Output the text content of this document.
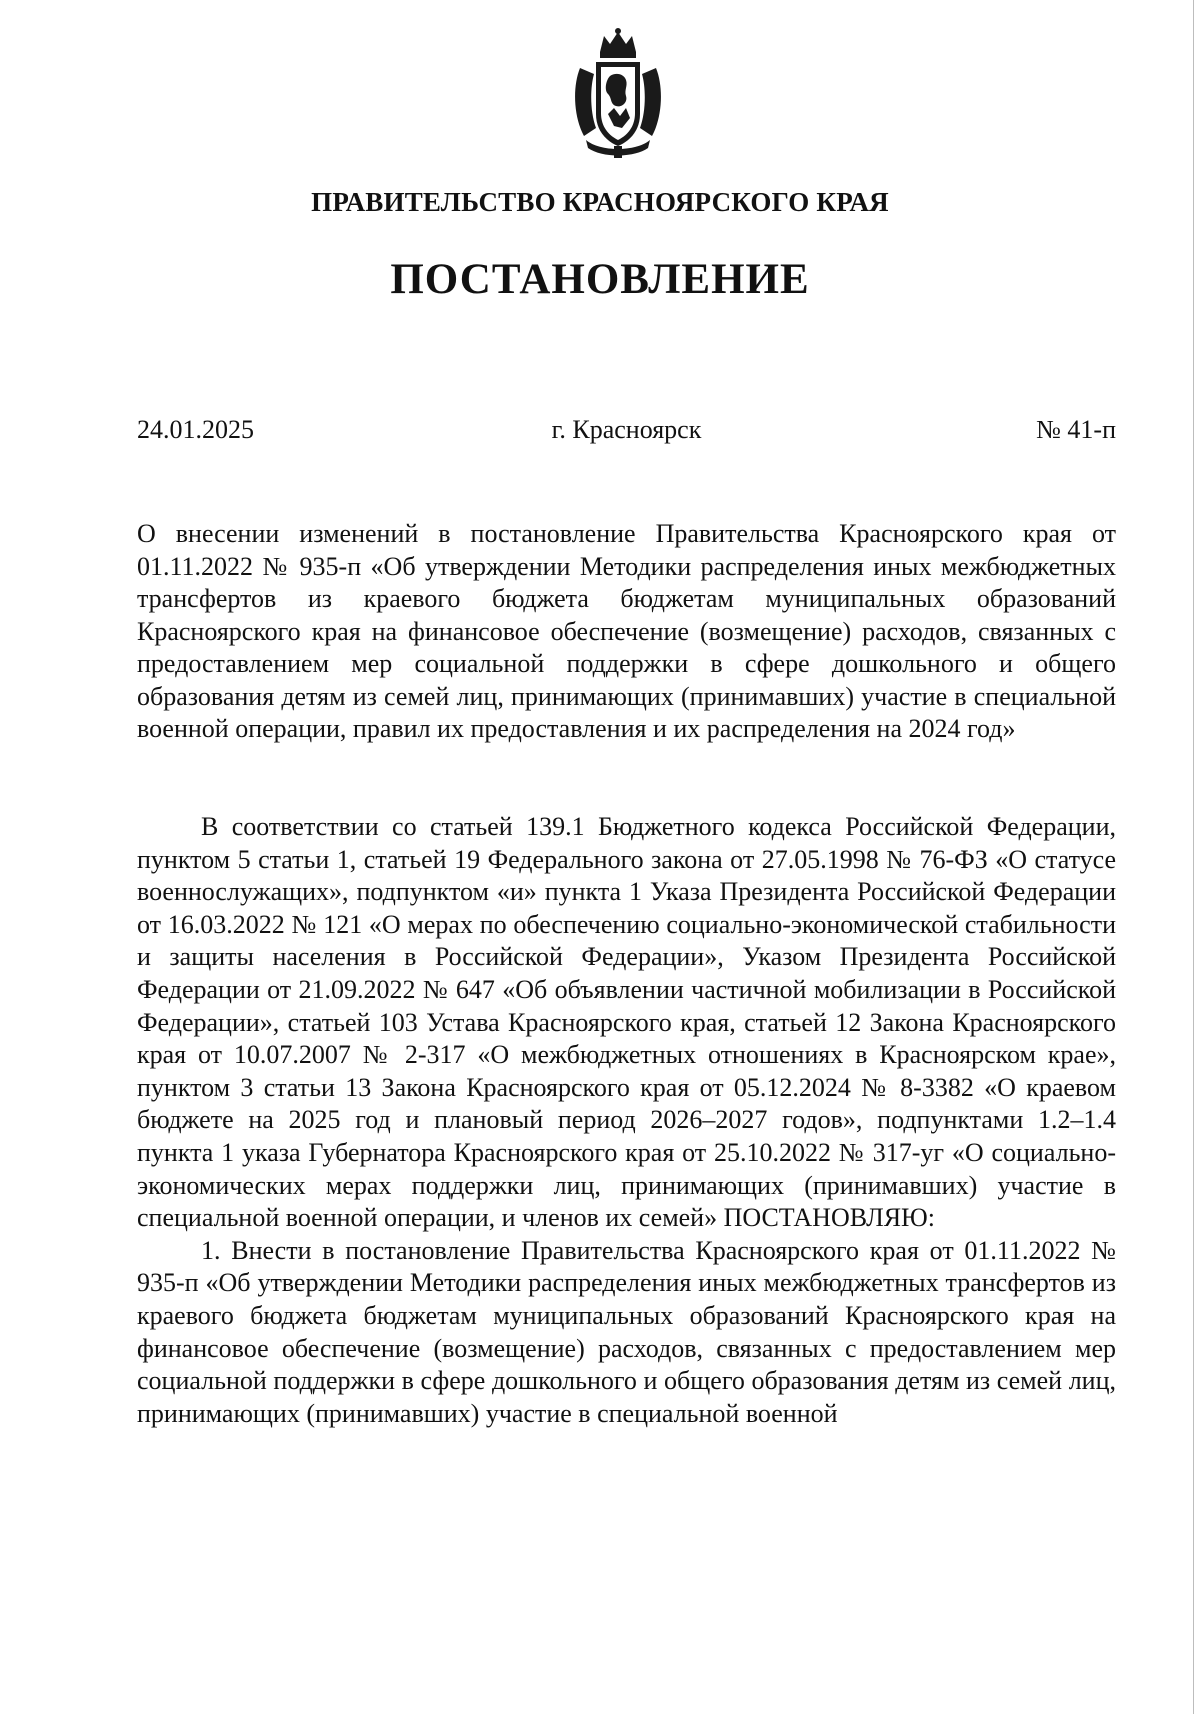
ПРАВИТЕЛЬСТВО КРАСНОЯРСКОГО КРАЯ
ПОСТАНОВЛЕНИЕ
24.01.2025	г. Красноярск	№ 41-п
О внесении изменений в постановление Правительства Красноярского края от 01.11.2022 № 935-п «Об утверждении Методики распределения иных межбюджетных трансфертов из краевого бюджета бюджетам муниципальных образований Красноярского края на финансовое обеспечение (возмещение) расходов, связанных с предоставлением мер социальной поддержки в сфере дошкольного и общего образования детям из семей лиц, принимающих (принимавших) участие в специальной военной операции, правил их предоставления и их распределения на 2024 год»

В соответствии со статьей 139.1 Бюджетного кодекса Российской Федерации, пунктом 5 статьи 1, статьей 19 Федерального закона от 27.05.1998 № 76-ФЗ «О статусе военнослужащих», подпунктом «и» пункта 1 Указа Президента Российской Федерации от 16.03.2022 № 121 «О мерах по обеспечению социально-экономической стабильности и защиты населения в Российской Федерации», Указом Президента Российской Федерации от 21.09.2022 № 647 «Об объявлении частичной мобилизации в Российской Федерации», статьей 103 Устава Красноярского края, статьей 12 Закона Красноярского края от 10.07.2007 № 2-317 «О межбюджетных отношениях в Красноярском крае», пунктом 3 статьи 13 Закона Красноярского края от 05.12.2024 № 8-3382 «О краевом бюджете на 2025 год и плановый период 2026–2027 годов», подпунктами 1.2–1.4 пункта 1 указа Губернатора Красноярского края от 25.10.2022 № 317-уг «О социально-экономических мерах поддержки лиц, принимающих (принимавших) участие в специальной военной операции, и членов их семей» ПОСТАНОВЛЯЮ:

1. Внести в постановление Правительства Красноярского края от 01.11.2022 № 935-п «Об утверждении Методики распределения иных межбюджетных трансфертов из краевого бюджета бюджетам муниципальных образований Красноярского края на финансовое обеспечение (возмещение) расходов, связанных с предоставлением мер социальной поддержки в сфере дошкольного и общего образования детям из семей лиц, принимающих (принимавших) участие в специальной военной
